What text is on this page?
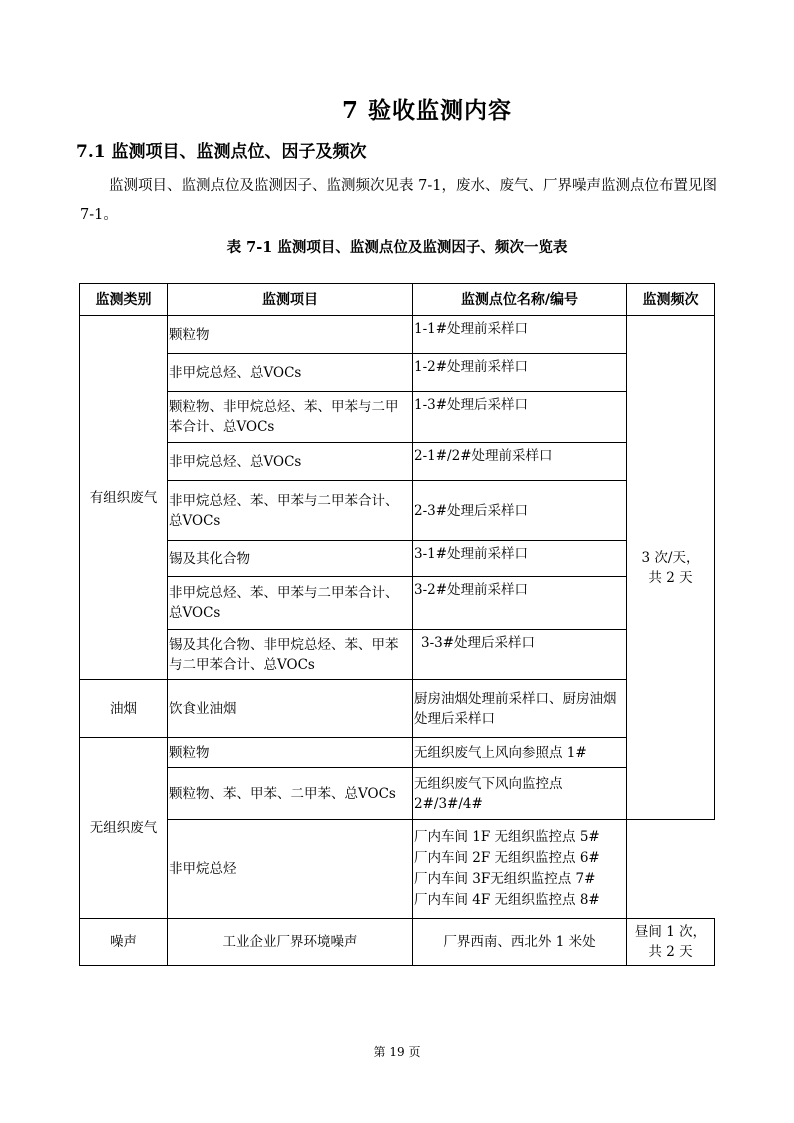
7 验收监测内容
7.1 监测项目、监测点位、因子及频次
监测项目、监测点位及监测因子、监测频次见表 7-1，废水、废气、厂界噪声监测点位布置见图 7-1。
表 7-1 监测项目、监测点位及监测因子、频次一览表
监测类别	监测项目	监测点位名称/编号	监测频次
有组织废气	颗粒物	1-1#处理前采样口	3 次/天，
共 2 天
	非甲烷总烃、总VOCs	1-2#处理前采样口	
	颗粒物、非甲烷总烃、苯、甲苯与二甲苯合计、总VOCs	1-3#处理后采样口	
	非甲烷总烃、总VOCs	2-1#/2#处理前采样口	
	非甲烷总烃、苯、甲苯与二甲苯合计、总VOCs	2-3#处理后采样口	
	锡及其化合物	3-1#处理前采样口	
	非甲烷总烃、苯、甲苯与二甲苯合计、总VOCs	3-2#处理前采样口	
	锡及其化合物、非甲烷总烃、苯、甲苯与二甲苯合计、总VOCs	3-3#处理后采样口	
油烟	饮食业油烟	厨房油烟处理前采样口、厨房油烟处理后采样口	
无组织废气	颗粒物	无组织废气上风向参照点 1#	
	颗粒物、苯、甲苯、二甲苯、总VOCs	无组织废气下风向监控点 2#/3#/4#	
	非甲烷总烃	厂内车间 1F 无组织监控点 5#
厂内车间 2F 无组织监控点 6#
厂内车间 3F无组织监控点 7#
厂内车间 4F 无组织监控点 8#	
噪声	工业企业厂界环境噪声	厂界西南、西北外 1 米处	昼间 1 次，
共 2 天
第 19 页
